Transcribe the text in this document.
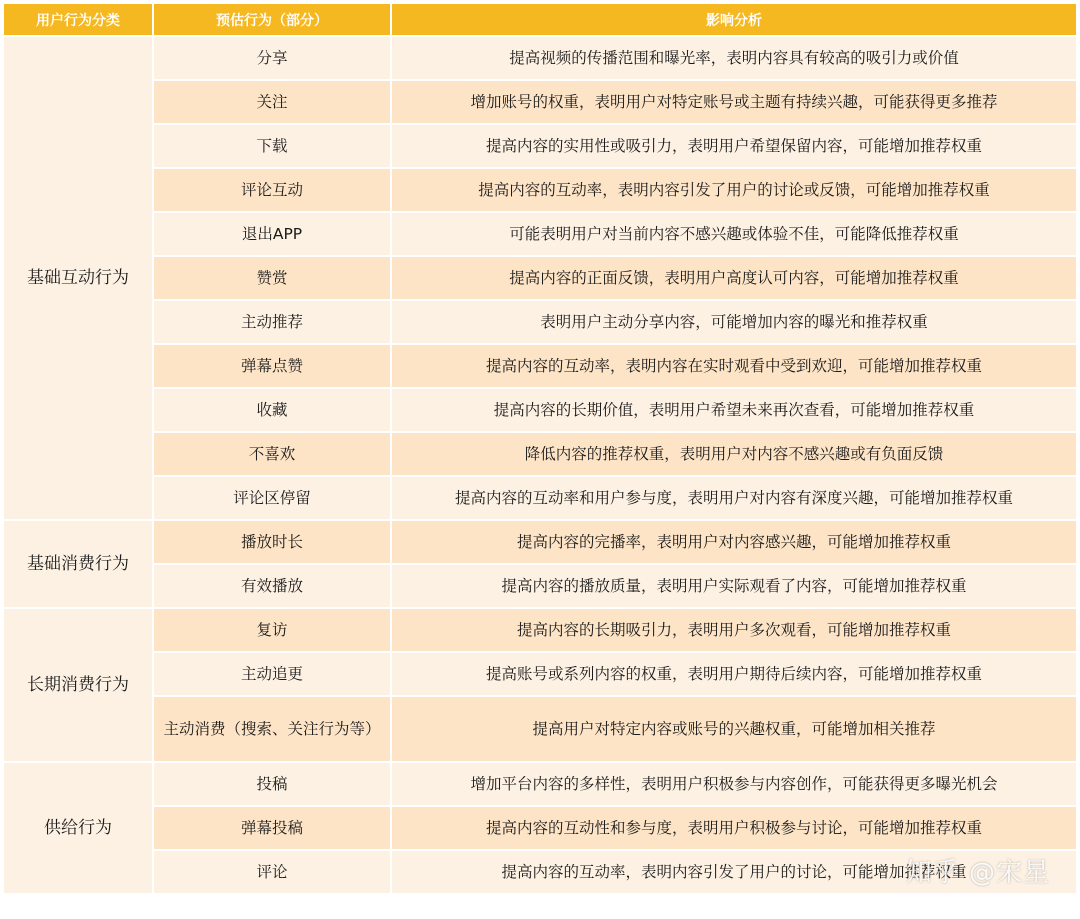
用户行为分类	预估行为（部分）	影响分析
基础互动行为	分享	提高视频的传播范围和曝光率，表明内容具有较高的吸引力或价值
	关注	增加账号的权重，表明用户对特定账号或主题有持续兴趣，可能获得更多推荐
	下载	提高内容的实用性或吸引力，表明用户希望保留内容，可能增加推荐权重
	评论互动	提高内容的互动率，表明内容引发了用户的讨论或反馈，可能增加推荐权重
	退出APP	可能表明用户对当前内容不感兴趣或体验不佳，可能降低推荐权重
	赞赏	提高内容的正面反馈，表明用户高度认可内容，可能增加推荐权重
	主动推荐	表明用户主动分享内容，可能增加内容的曝光和推荐权重
	弹幕点赞	提高内容的互动率，表明内容在实时观看中受到欢迎，可能增加推荐权重
	收藏	提高内容的长期价值，表明用户希望未来再次查看，可能增加推荐权重
	不喜欢	降低内容的推荐权重，表明用户对内容不感兴趣或有负面反馈
	评论区停留	提高内容的互动率和用户参与度，表明用户对内容有深度兴趣，可能增加推荐权重
基础消费行为	播放时长	提高内容的完播率，表明用户对内容感兴趣，可能增加推荐权重
	有效播放	提高内容的播放质量，表明用户实际观看了内容，可能增加推荐权重
长期消费行为	复访	提高内容的长期吸引力，表明用户多次观看，可能增加推荐权重
	主动追更	提高账号或系列内容的权重，表明用户期待后续内容，可能增加推荐权重
	主动消费（搜索、关注行为等）	提高用户对特定内容或账号的兴趣权重，可能增加相关推荐
供给行为	投稿	增加平台内容的多样性，表明用户积极参与内容创作，可能获得更多曝光机会
	弹幕投稿	提高内容的互动性和参与度，表明用户积极参与讨论，可能增加推荐权重
	评论	提高内容的互动率，表明内容引发了用户的讨论，可能增加推荐权重
知乎 @宋星
